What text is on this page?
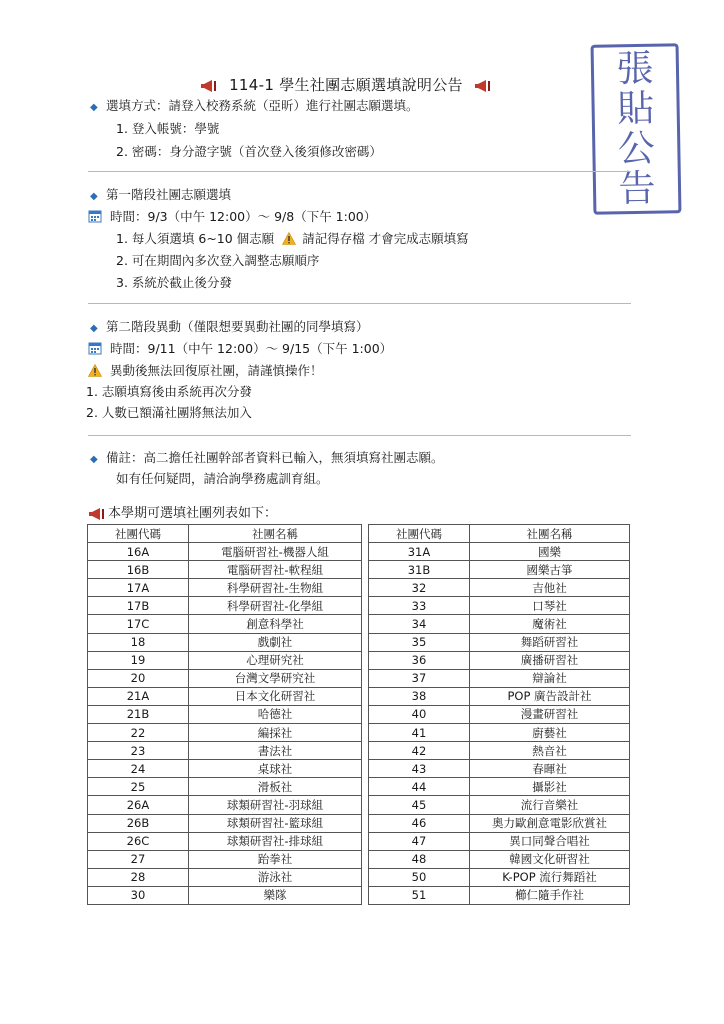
114-1 學生社團志願選填說明公告	張
貼
公
告
◆ 選填方式：請登入校務系統（亞昕）進行社團志願選填。
1. 登入帳號：學號
2. 密碼：身分證字號（首次登入後須修改密碼）
◆ 第一階段社團志願選填
時間：9/3（中午 12:00）～ 9/8（下午 1:00）
1. 每人須選填 6~10 個志願 請記得存檔 才會完成志願填寫
2. 可在期間內多次登入調整志願順序
3. 系統於截止後分發
◆ 第二階段異動（僅限想要異動社團的同學填寫）
時間：9/11（中午 12:00）～ 9/15（下午 1:00）
異動後無法回復原社團，請謹慎操作！
1. 志願填寫後由系統再次分發
2. 人數已額滿社團將無法加入
◆ 備註：高二擔任社團幹部者資料已輸入，無須填寫社團志願。
如有任何疑問，請洽詢學務處訓育組。
本學期可選填社團列表如下：
社團代碼	社團名稱
16A	電腦研習社-機器人組
16B	電腦研習社-軟程組
17A	科學研習社-生物組
17B	科學研習社-化學組
17C	創意科學社
18	戲劇社
19	心理研究社
20	台灣文學研究社
21A	日本文化研習社
21B	哈德社
22	編採社
23	書法社
24	桌球社
25	滑板社
26A	球類研習社-羽球組
26B	球類研習社-籃球組
26C	球類研習社-排球組
27	跆拳社
28	游泳社
30	樂隊
社團代碼	社團名稱
31A	國樂
31B	國樂古箏
32	吉他社
33	口琴社
34	魔術社
35	舞蹈研習社
36	廣播研習社
37	辯論社
38	POP 廣告設計社
40	漫畫研習社
41	廚藝社
42	熱音社
43	春暉社
44	攝影社
45	流行音樂社
46	奧力歐創意電影欣賞社
47	異口同聲合唱社
48	韓國文化研習社
50	K-POP 流行舞蹈社
51	櫛仁隨手作社
